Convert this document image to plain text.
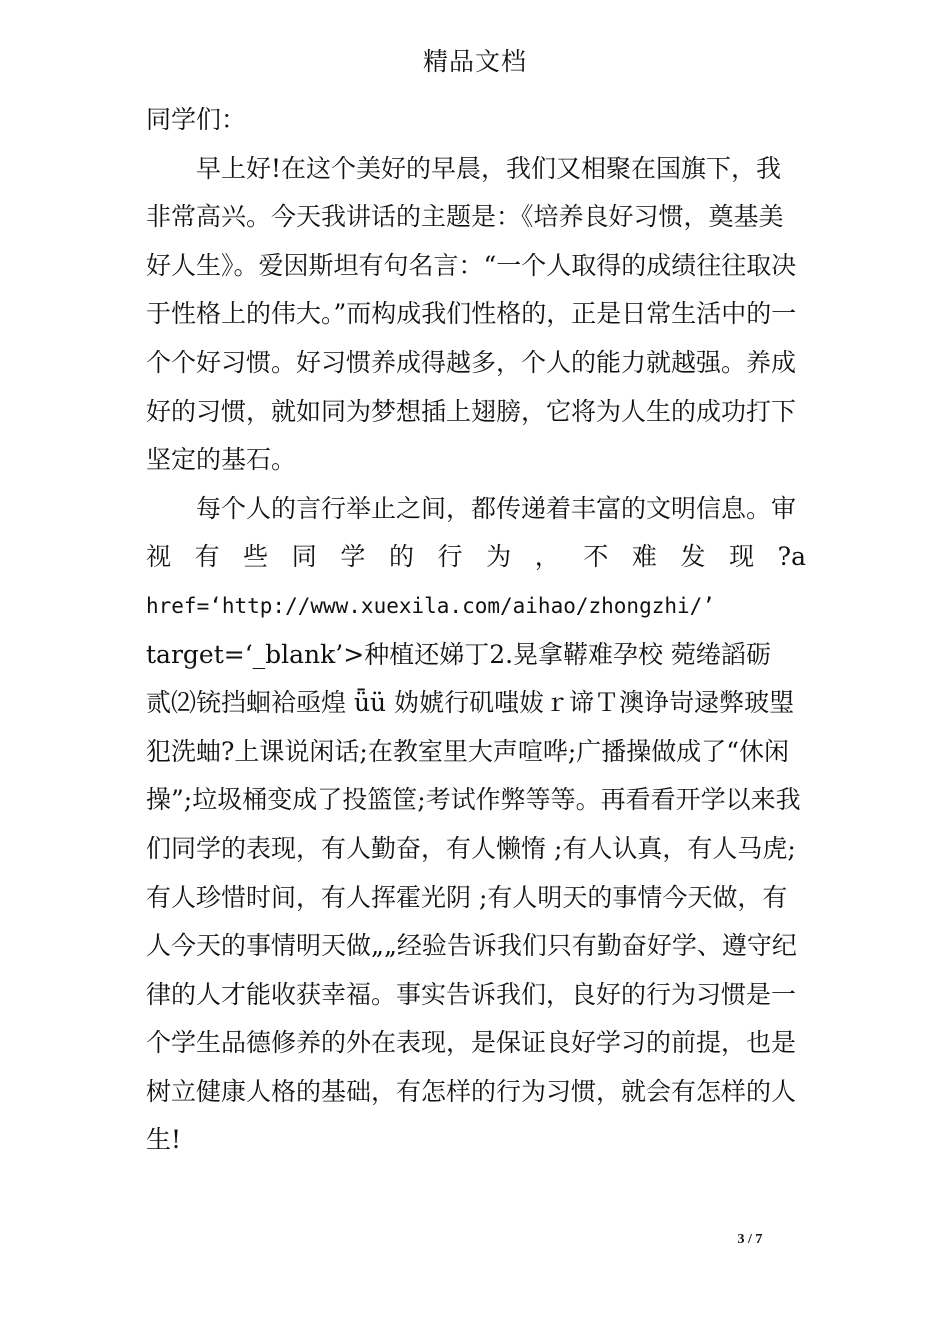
精品文档

同学们：

早上好!在这个美好的早晨，我们又相聚在国旗下，我非常高兴。今天我讲话的主题是：《培养良好习惯，奠基美好人生》。爱因斯坦有句名言：“一个人取得的成绩往往取决于性格上的伟大。”而构成我们性格的，正是日常生活中的一个个好习惯。好习惯养成得越多，个人的能力就越强。养成好的习惯，就如同为梦想插上翅膀，它将为人生的成功打下坚定的基石。

每个人的言行举止之间，都传递着丰富的文明信息。审

视 有 些 同 学 的 行 为 ， 不 难 发 现 ?a
href=‘http://www.xuexila.com/aihao/zhongzhi/’
target=‘_blank’>种植还娣丁2.晃拿鞯难孕校 菀绻謟砺
贰⑵铳挡蛔袷亟煌 ǖü 妫婋行矶嗤妭ｒ谛Ｔ澳诤岢逯弊玻琞

犯洗蚰?上课说闲话;在教室里大声喧哗;广播操做成了“休闲操”;垃圾桶变成了投篮筐;考试作弊等等。再看看开学以来我们同学的表现，有人勤奋，有人懒惰 ;有人认真，有人马虎;有人珍惜时间，有人挥霍光阴 ;有人明天的事情今天做，有人今天的事情明天做„„经验告诉我们只有勤奋好学、遵守纪律的人才能收获幸福。事实告诉我们，良好的行为习惯是一个学生品德修养的外在表现，是保证良好学习的前提，也是树立健康人格的基础，有怎样的行为习惯，就会有怎样的人生!

3 / 7
